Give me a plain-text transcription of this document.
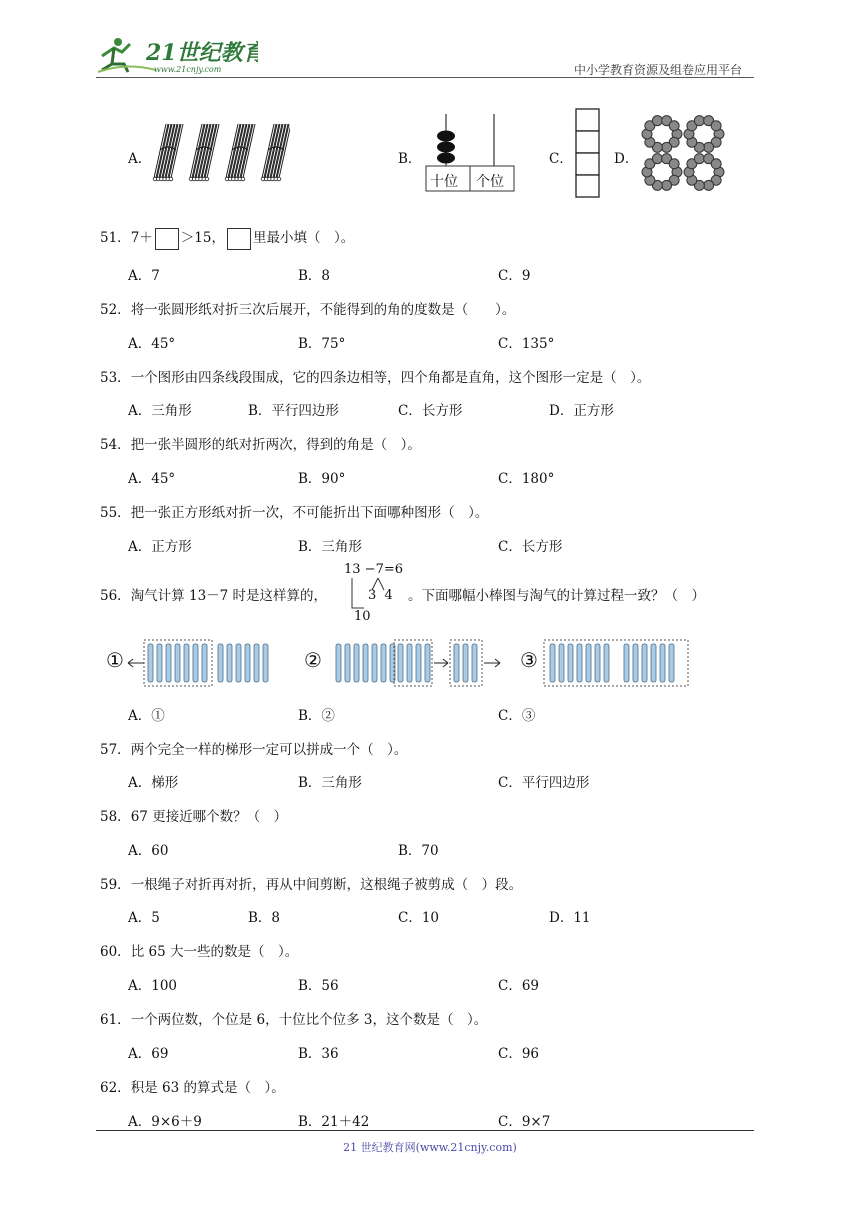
21世纪教育
www.21cnjy.com	中小学教育资源及组卷应用平台
A．	B．
十位 个位
C．	D．
51．7＋ ＞15， 里最小填（　）。
A．7	B．8	C．9
52．将一张圆形纸对折三次后展开，不能得到的角的度数是（　　）。
A．45°	B．75°	C．135°
53．一个图形由四条线段围成，它的四条边相等，四个角都是直角，这个图形一定是（　）。
A．三角形	B．平行四边形	C．长方形	D．正方形
54．把一张半圆形的纸对折两次，得到的角是（　）。
A．45°	B．90°	C．180°
55．把一张正方形纸对折一次，不可能折出下面哪种图形（　）。
A．正方形	B．三角形	C．长方形
56．淘气计算 13－7 时是这样算的，
13 −7=6
3  4
10
。下面哪幅小棒图与淘气的计算过程一致？（　）
①	②	③
A．①	B．②	C．③
57．两个完全一样的梯形一定可以拼成一个（　）。
A．梯形	B．三角形	C．平行四边形
58．67 更接近哪个数？（　）
A．60	B．70
59．一根绳子对折再对折，再从中间剪断，这根绳子被剪成（　）段。
A．5	B．8	C．10	D．11
60．比 65 大一些的数是（　）。
A．100	B．56	C．69
61．一个两位数，个位是 6，十位比个位多 3，这个数是（　）。
A．69	B．36	C．96
62．积是 63 的算式是（　）。
A．9×6＋9	B．21＋42	C．9×7
21 世纪教育网(www.21cnjy.com)
